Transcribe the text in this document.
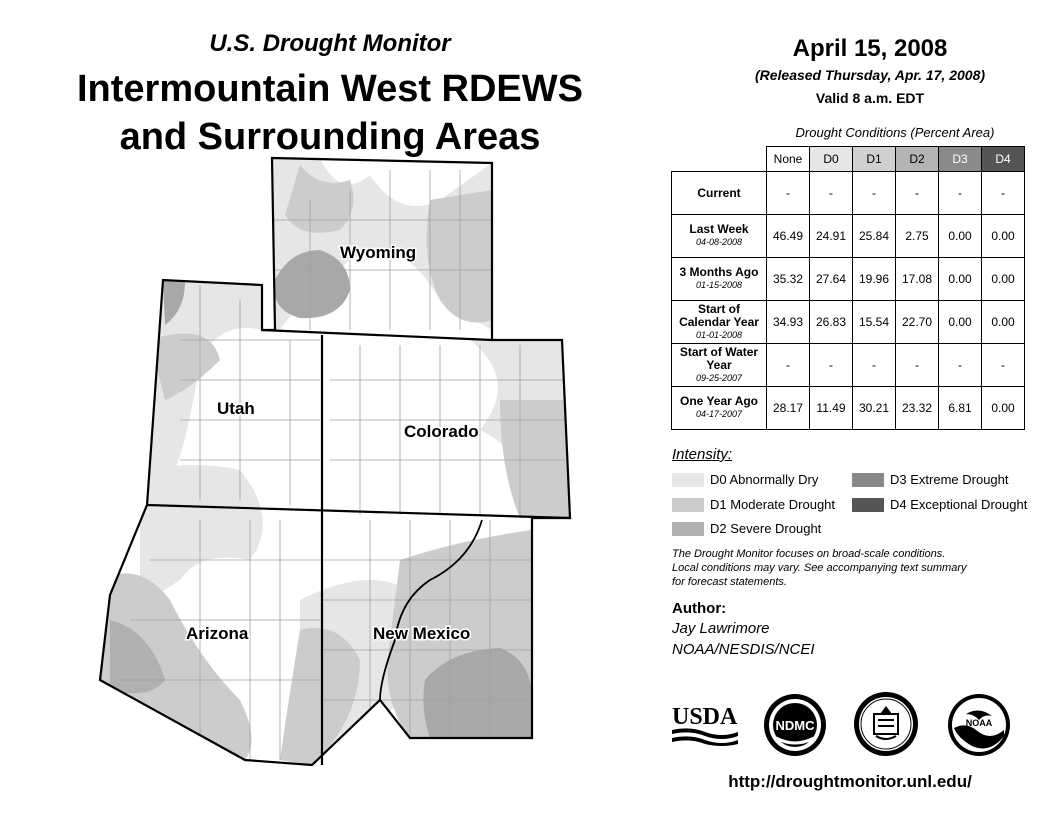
U.S. Drought Monitor
Intermountain West RDEWS
and Surrounding Areas
Wyoming
Utah
Colorado
Arizona	New Mexico
April 15, 2008
(Released Thursday, Apr. 17, 2008)
Valid 8 a.m. EDT
Drought Conditions (Percent Area)
	None	D0	D1	D2	D3	D4
Current	-	-	-	-	-	-
Last Week
04-08-2008	46.49	24.91	25.84	2.75	0.00	0.00
3 Months Ago
01-15-2008	35.32	27.64	19.96	17.08	0.00	0.00
Start of Calendar Year
01-01-2008	34.93	26.83	15.54	22.70	0.00	0.00
Start of Water Year
09-25-2007	-	-	-	-	-	-
One Year Ago
04-17-2007	28.17	11.49	30.21	23.32	6.81	0.00
Intensity:
D0 Abnormally Dry
D1 Moderate Drought
D2 Severe Drought
D3 Extreme Drought
D4 Exceptional Drought
The Drought Monitor focuses on broad-scale conditions.
Local conditions may vary. See accompanying text summary
for forecast statements.
Author:
Jay Lawrimore
NOAA/NESDIS/NCEI
USDA	NDMC	NOAA
http://droughtmonitor.unl.edu/
